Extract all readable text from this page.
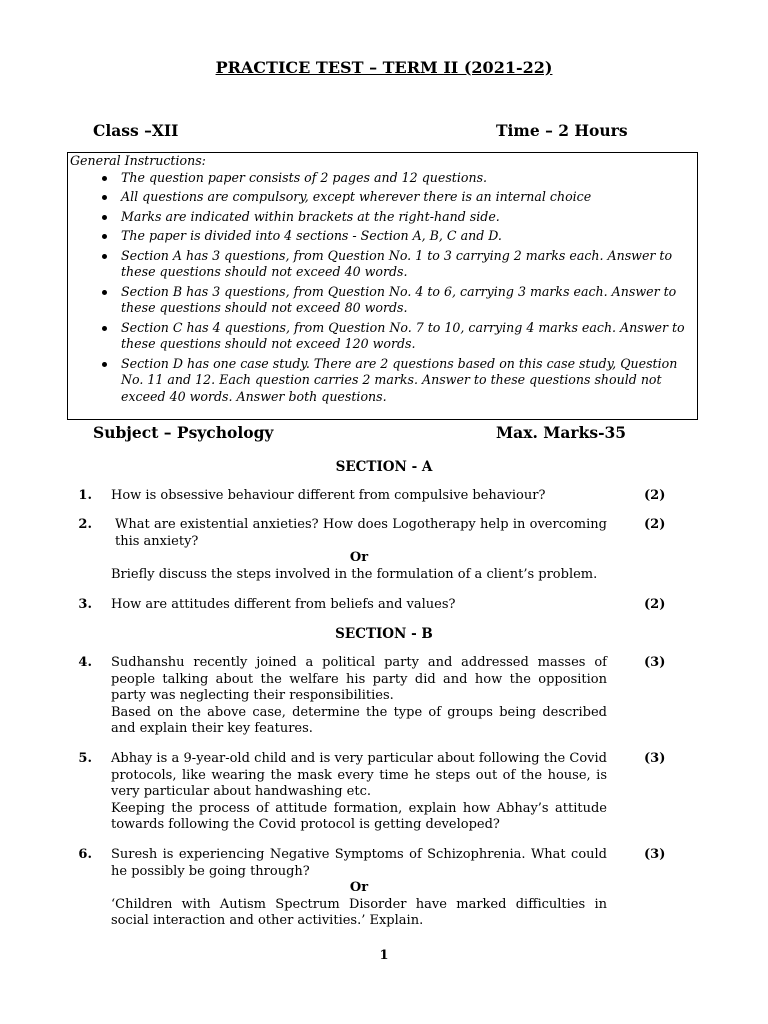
PRACTICE TEST – TERM II (2021-22)
Class –XII	Time – 2 Hours
General Instructions:
The question paper consists of 2 pages and 12 questions.
All questions are compulsory, except wherever there is an internal choice
Marks are indicated within brackets at the right-hand side.
The paper is divided into 4 sections - Section A, B, C and D.
Section A has 3 questions, from Question No. 1 to 3 carrying 2 marks each. Answer to these questions should not exceed 40 words.
Section B has 3 questions, from Question No. 4 to 6, carrying 3 marks each. Answer to these questions should not exceed 80 words.
Section C has 4 questions, from Question No. 7 to 10, carrying 4 marks each. Answer to these questions should not exceed 120 words.
Section D has one case study. There are 2 questions based on this case study, Question No. 11 and 12. Each question carries 2 marks. Answer to these questions should not exceed 40 words. Answer both questions.
Subject – Psychology	Max. Marks-35
SECTION - A
1. How is obsessive behaviour different from compulsive behaviour?	(2)
2.	What are existential anxieties? How does Logotherapy help in overcoming this anxiety?
Or
Briefly discuss the steps involved in the formulation of a client’s problem.
(2)
3. How are attitudes different from beliefs and values?	(2)
SECTION - B
4. Sudhanshu recently joined a political party and addressed masses of people talking about the welfare his party did and how the opposition party was neglecting their responsibilities.
Based on the above case, determine the type of groups being described and explain their key features.
(3)
5. Abhay is a 9-year-old child and is very particular about following the Covid protocols, like wearing the mask every time he steps out of the house, is very particular about handwashing etc.
Keeping the process of attitude formation, explain how Abhay’s attitude towards following the Covid protocol is getting developed?
(3)
6. Suresh is experiencing Negative Symptoms of Schizophrenia. What could he possibly be going through?
Or
‘Children with Autism Spectrum Disorder have marked difficulties in social interaction and other activities.’ Explain.
(3)
1
